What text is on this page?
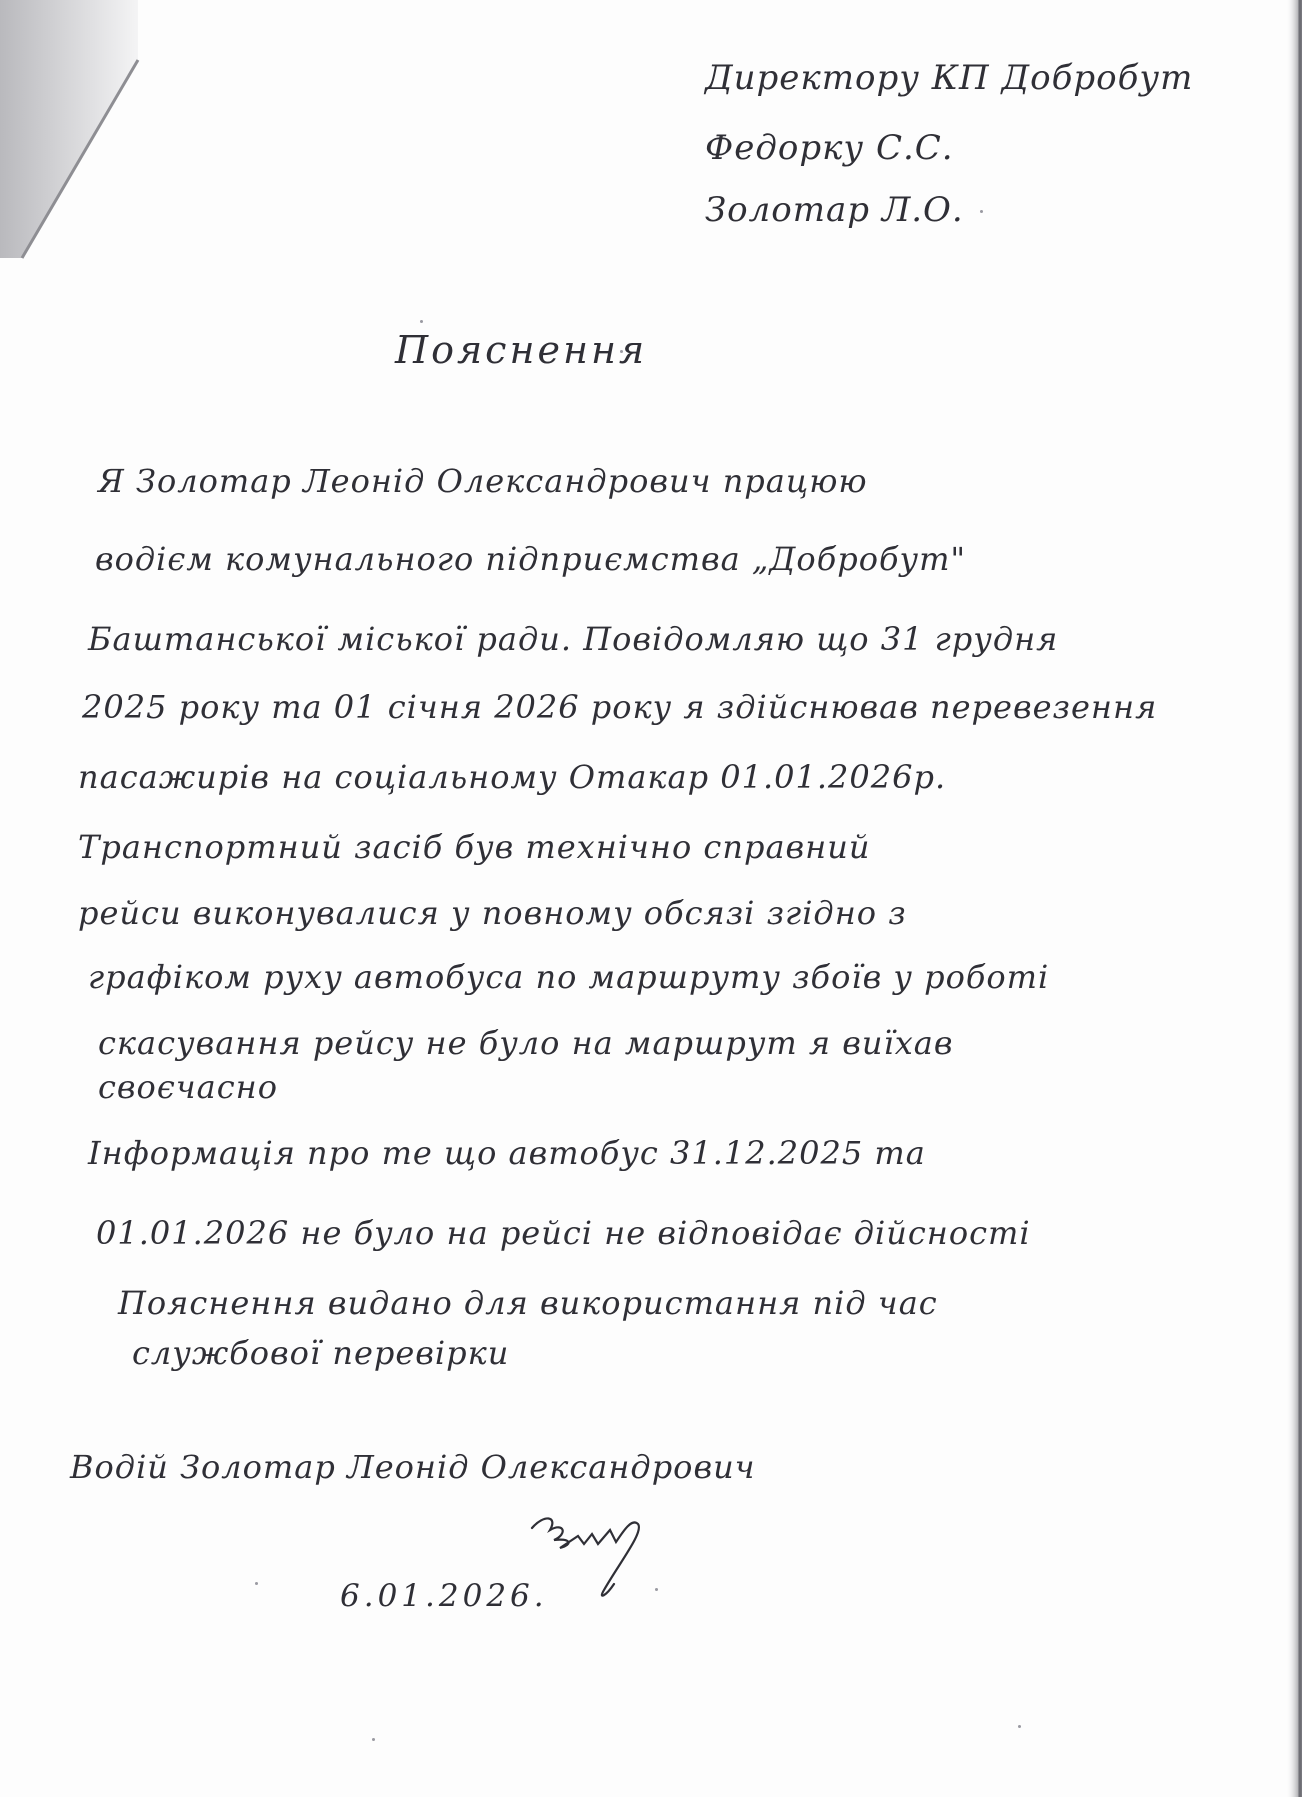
Директору КП Добробут
Федорку С.С.
Золотар Л.О.
Пояснення
Я Золотар Леонід Олександрович працюю
водієм комунального підприємства „Добробут"
Баштанської міської ради. Повідомляю що 31 грудня
2025 року та 01 січня 2026 року я здійснював перевезення
пасажирів на соціальному Отакар 01.01.2026р.
Транспортний засіб був технічно справний
рейси виконувалися у повному обсязі згідно з
графіком руху автобуса по маршруту збоїв у роботі
скасування рейсу не було на маршрут я виїхав
своєчасно
Інформація про те що автобус 31.12.2025 та
01.01.2026 не було на рейсі не відповідає дійсності
Пояснення видано для використання під час
службової перевірки
Водій Золотар Леонід Олександрович
Золотар
6.01.2026.
